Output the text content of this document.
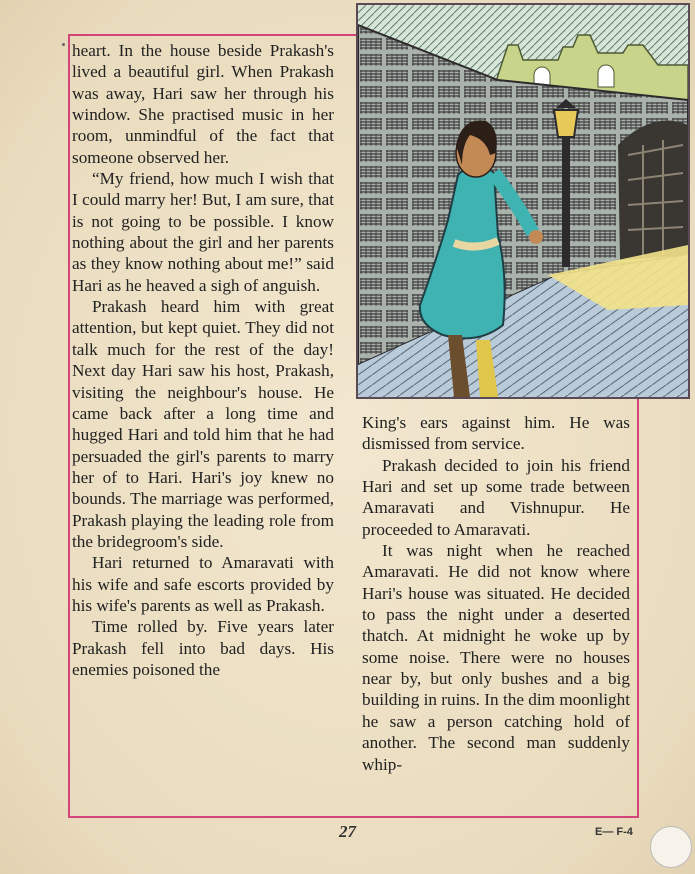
heart. In the house beside Prakash's lived a beautiful girl. When Prakash was away, Hari saw her through his window. She practised music in her room, unmindful of the fact that someone observed her.

“My friend, how much I wish that I could marry her! But, I am sure, that is not going to be possible. I know nothing about the girl and her parents as they know nothing about me!” said Hari as he heaved a sigh of anguish.

Prakash heard him with great attention, but kept quiet. They did not talk much for the rest of the day! Next day Hari saw his host, Prakash, visiting the neighbour's house. He came back after a long time and hugged Hari and told him that he had persuaded the girl's parents to marry her of to Hari. Hari's joy knew no bounds. The marriage was performed, Prakash playing the leading role from the bridegroom's side.

Hari returned to Amaravati with his wife and safe escorts provided by his wife's parents as well as Prakash.

Time rolled by. Five years later Prakash fell into bad days. His enemies poisoned the

King's ears against him. He was dismissed from service.

Prakash decided to join his friend Hari and set up some trade between Amaravati and Vishnupur. He proceeded to Amaravati.

It was night when he reached Amaravati. He did not know where Hari's house was situated. He decided to pass the night under a deserted thatch. At midnight he woke up by some noise. There were no houses near by, but only bushes and a big building in ruins. In the dim moonlight he saw a person catching hold of another. The second man suddenly whip-

27	E— F-4
